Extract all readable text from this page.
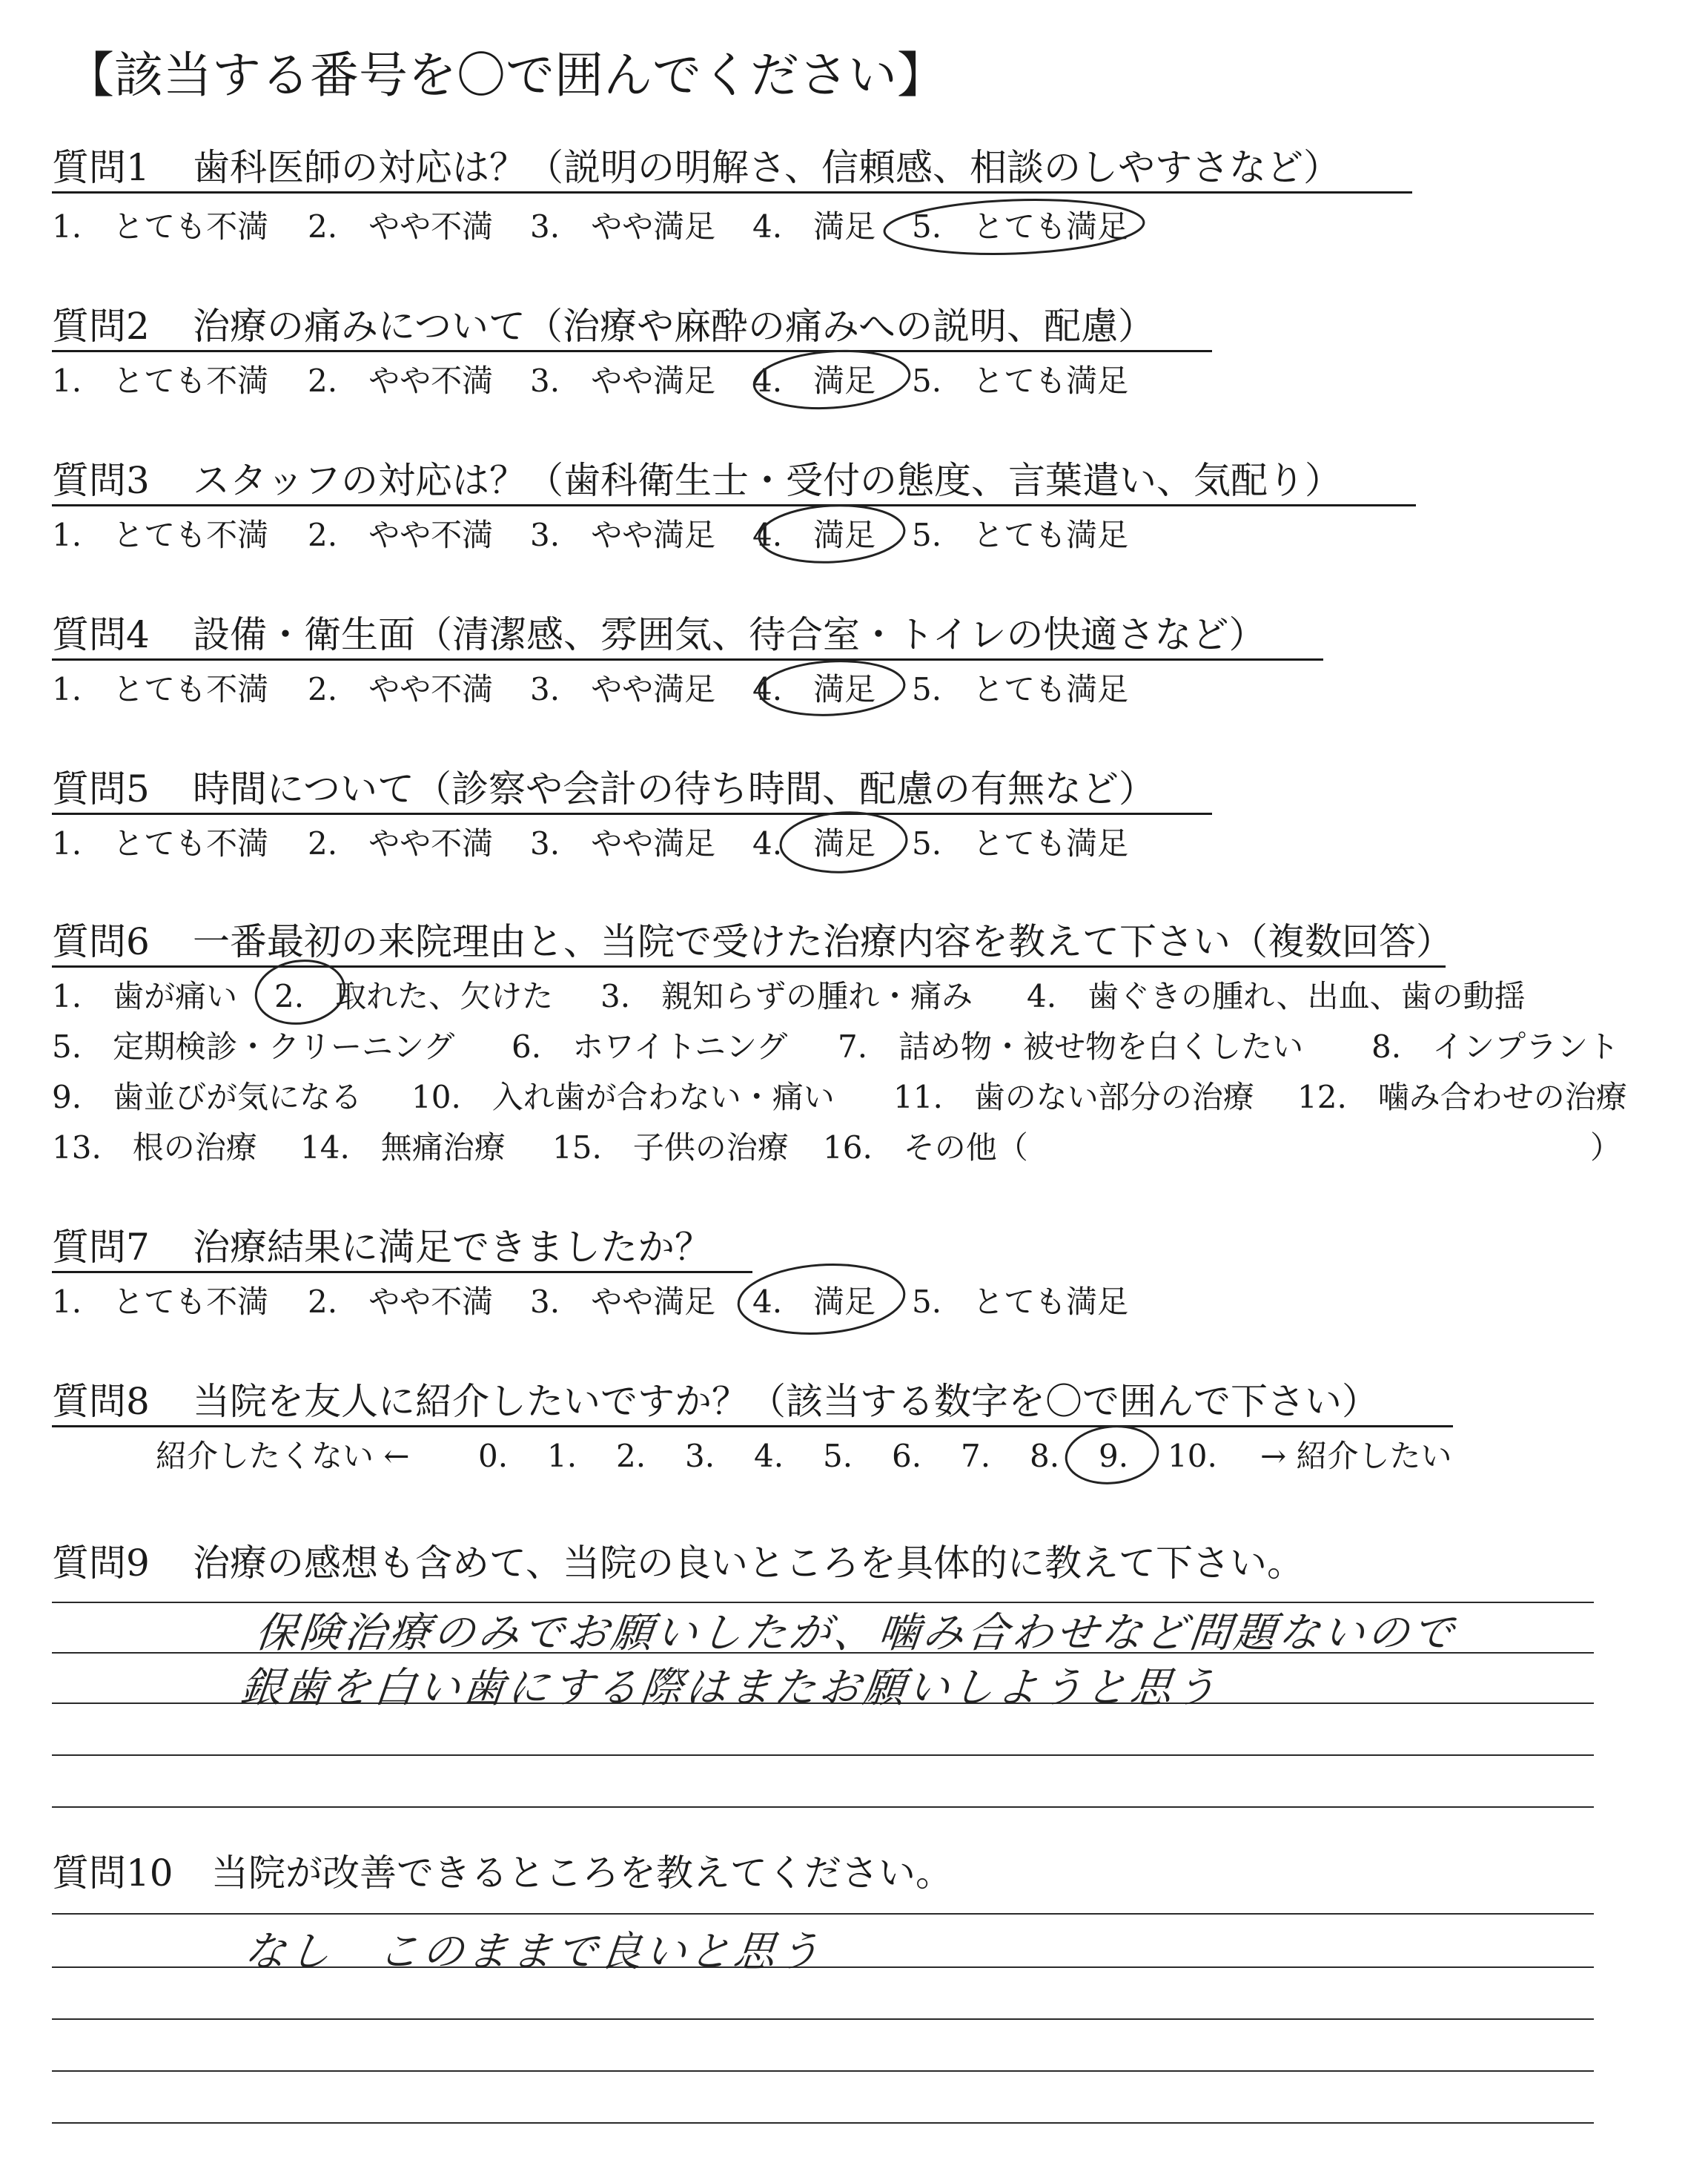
【該当する番号を〇で囲んでください】
質問1 歯科医師の対応は？（説明の明解さ、信頼感、相談のしやすさなど）
1.　とても不満 2.　やや不満 3.　やや満足 4.　満足 5.　とても満足
質問2 治療の痛みについて（治療や麻酔の痛みへの説明、配慮）
1.　とても不満 2.　やや不満 3.　やや満足 4.　満足 5.　とても満足
質問3 スタッフの対応は？（歯科衛生士・受付の態度、言葉遣い、気配り）
1.　とても不満 2.　やや不満 3.　やや満足 4.　満足 5.　とても満足
質問4 設備・衛生面（清潔感、雰囲気、待合室・トイレの快適さなど）
1.　とても不満 2.　やや不満 3.　やや満足 4.　満足 5.　とても満足
質問5 時間について（診察や会計の待ち時間、配慮の有無など）
1.　とても不満 2.　やや不満 3.　やや満足 4.　満足 5.　とても満足
質問6 一番最初の来院理由と、当院で受けた治療内容を教えて下さい（複数回答）
1.　歯が痛い 2.　取れた、欠けた 3.　親知らずの腫れ・痛み 4.　歯ぐきの腫れ、出血、歯の動揺
5.　定期検診・クリーニング 6.　ホワイトニング 7.　詰め物・被せ物を白くしたい 8.　インプラント
9.　歯並びが気になる 10.　入れ歯が合わない・痛い 11.　歯のない部分の治療 12.　噛み合わせの治療
13.　根の治療 14.　無痛治療 15.　子供の治療 16.　その他（	）
質問7 治療結果に満足できましたか？
1.　とても不満 2.　やや不満 3.　やや満足 4.　満足 5.　とても満足
質問8 当院を友人に紹介したいですか？（該当する数字を〇で囲んで下さい）
紹介したくない ← 0. 1. 2. 3. 4. 5. 6. 7. 8. 9. 10. → 紹介したい
質問9 治療の感想も含めて、当院の良いところを具体的に教えて下さい。
保険治療のみでお願いしたが、噛み合わせなど問題ないので
銀歯を白い歯にする際はまたお願いしようと思う
質問10 当院が改善できるところを教えてください。
なし　このままで良いと思う
